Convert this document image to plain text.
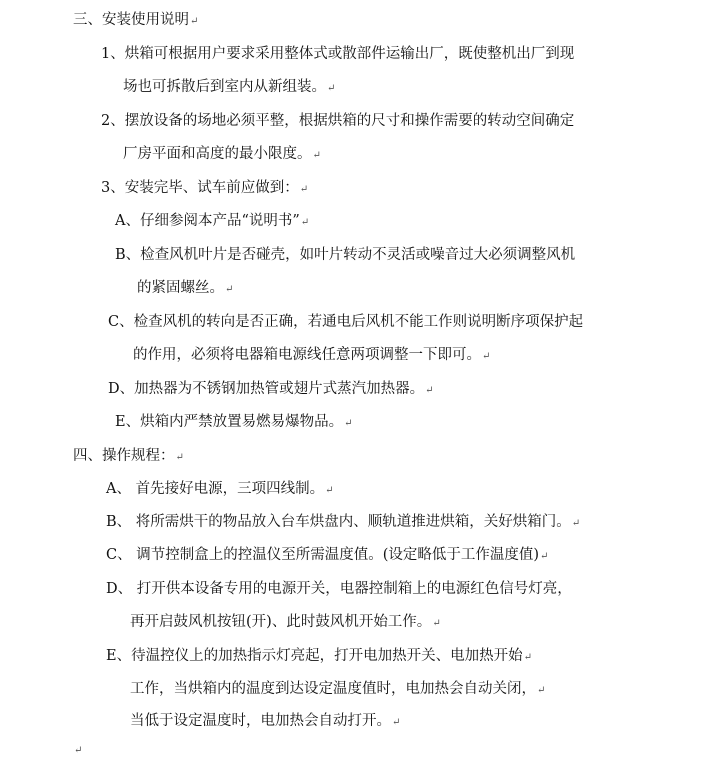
三、安装使用说明↵
1、烘箱可根据用户要求采用整体式或散部件运输出厂，既使整机出厂到现
场也可拆散后到室内从新组装。↵
2、摆放设备的场地必须平整，根据烘箱的尺寸和操作需要的转动空间确定
厂房平面和高度的最小限度。↵
3、安装完毕、试车前应做到：↵
A、仔细参阅本产品“说明书”↵
B、检查风机叶片是否碰壳，如叶片转动不灵活或噪音过大必须调整风机
的紧固螺丝。↵
C、检查风机的转向是否正确，若通电后风机不能工作则说明断序项保护起
的作用，必须将电器箱电源线任意两项调整一下即可。↵
D、加热器为不锈钢加热管或翅片式蒸汽加热器。↵
E、烘箱内严禁放置易燃易爆物品。↵
四、操作规程：↵
A、 首先接好电源，三项四线制。↵
B、 将所需烘干的物品放入台车烘盘内、顺轨道推进烘箱，关好烘箱门。↵
C、 调节控制盒上的控温仪至所需温度值。(设定略低于工作温度值)↵
D、 打开供本设备专用的电源开关，电器控制箱上的电源红色信号灯亮，
再开启鼓风机按钮(开)、此时鼓风机开始工作。↵
E、待温控仪上的加热指示灯亮起，打开电加热开关、电加热开始↵
工作，当烘箱内的温度到达设定温度值时，电加热会自动关闭，↵
当低于设定温度时，电加热会自动打开。↵
↵
